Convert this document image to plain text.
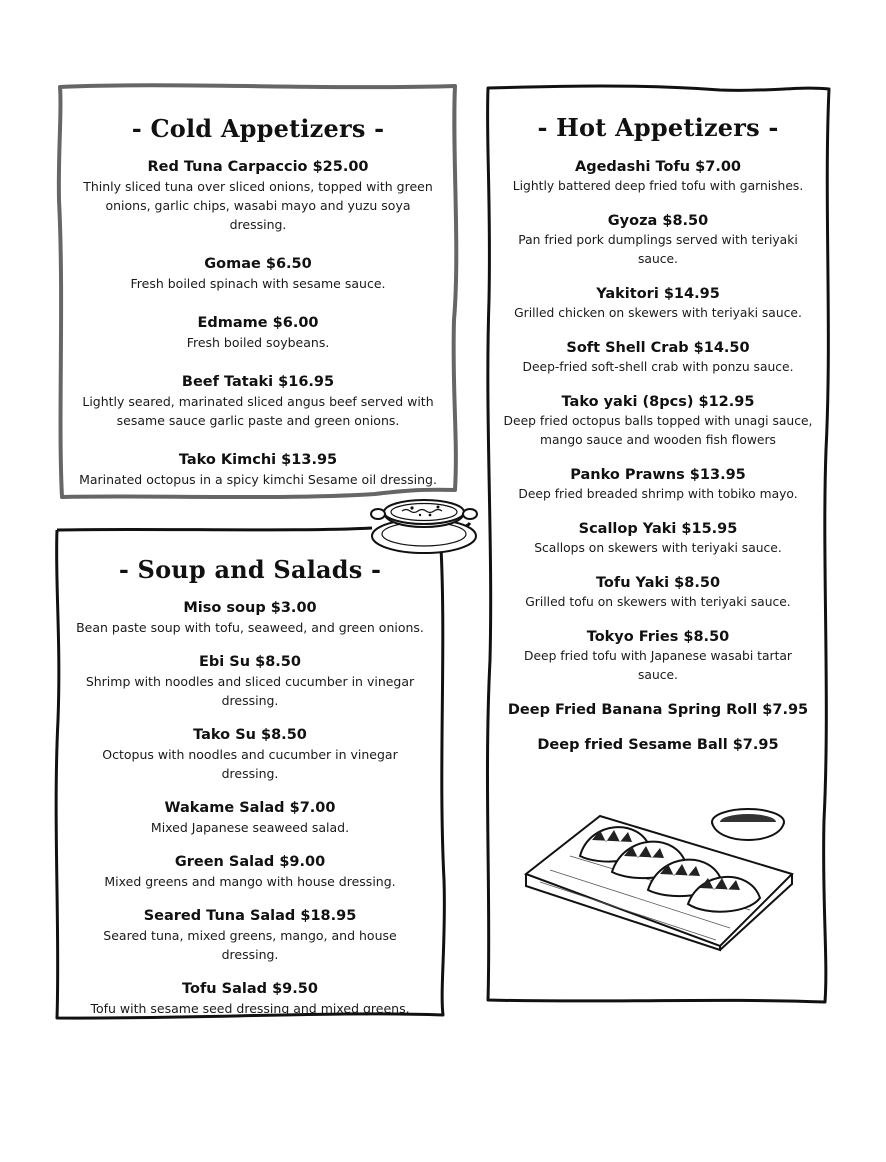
- Cold Appetizers -
Red Tuna Carpaccio $25.00
Thinly sliced tuna over sliced onions, topped with green onions, garlic chips, wasabi mayo and yuzu soya dressing.
Gomae $6.50
Fresh boiled spinach with sesame sauce.
Edmame $6.00
Fresh boiled soybeans.
Beef Tataki $16.95
Lightly seared, marinated sliced angus beef served with sesame sauce garlic paste and green onions.
Tako Kimchi $13.95
Marinated octopus in a spicy kimchi Sesame oil dressing.
- Hot Appetizers -
Agedashi Tofu $7.00
Lightly battered deep fried tofu with garnishes.
Gyoza $8.50
Pan fried pork dumplings served with teriyaki sauce.
Yakitori $14.95
Grilled chicken on skewers with teriyaki sauce.
Soft Shell Crab $14.50
Deep-fried soft-shell crab with ponzu sauce.
Tako yaki (8pcs) $12.95
Deep fried octopus balls topped with unagi sauce, mango sauce and wooden fish flowers
Panko Prawns $13.95
Deep fried breaded shrimp with tobiko mayo.
Scallop Yaki $15.95
Scallops on skewers with teriyaki sauce.
Tofu Yaki $8.50
Grilled tofu on skewers with teriyaki sauce.
Tokyo Fries $8.50
Deep fried tofu with Japanese wasabi tartar sauce.
Deep Fried Banana Spring Roll $7.95
Deep fried Sesame Ball $7.95
- Soup and Salads -
Miso soup $3.00
Bean paste soup with tofu, seaweed, and green onions.
Ebi Su $8.50
Shrimp with noodles and sliced cucumber in vinegar dressing.
Tako Su $8.50
Octopus with noodles and cucumber in vinegar dressing.
Wakame Salad $7.00
Mixed Japanese seaweed salad.
Green Salad $9.00
Mixed greens and mango with house dressing.
Seared Tuna Salad $18.95
Seared tuna, mixed greens, mango, and house dressing.
Tofu Salad $9.50
Tofu with sesame seed dressing and mixed greens.
